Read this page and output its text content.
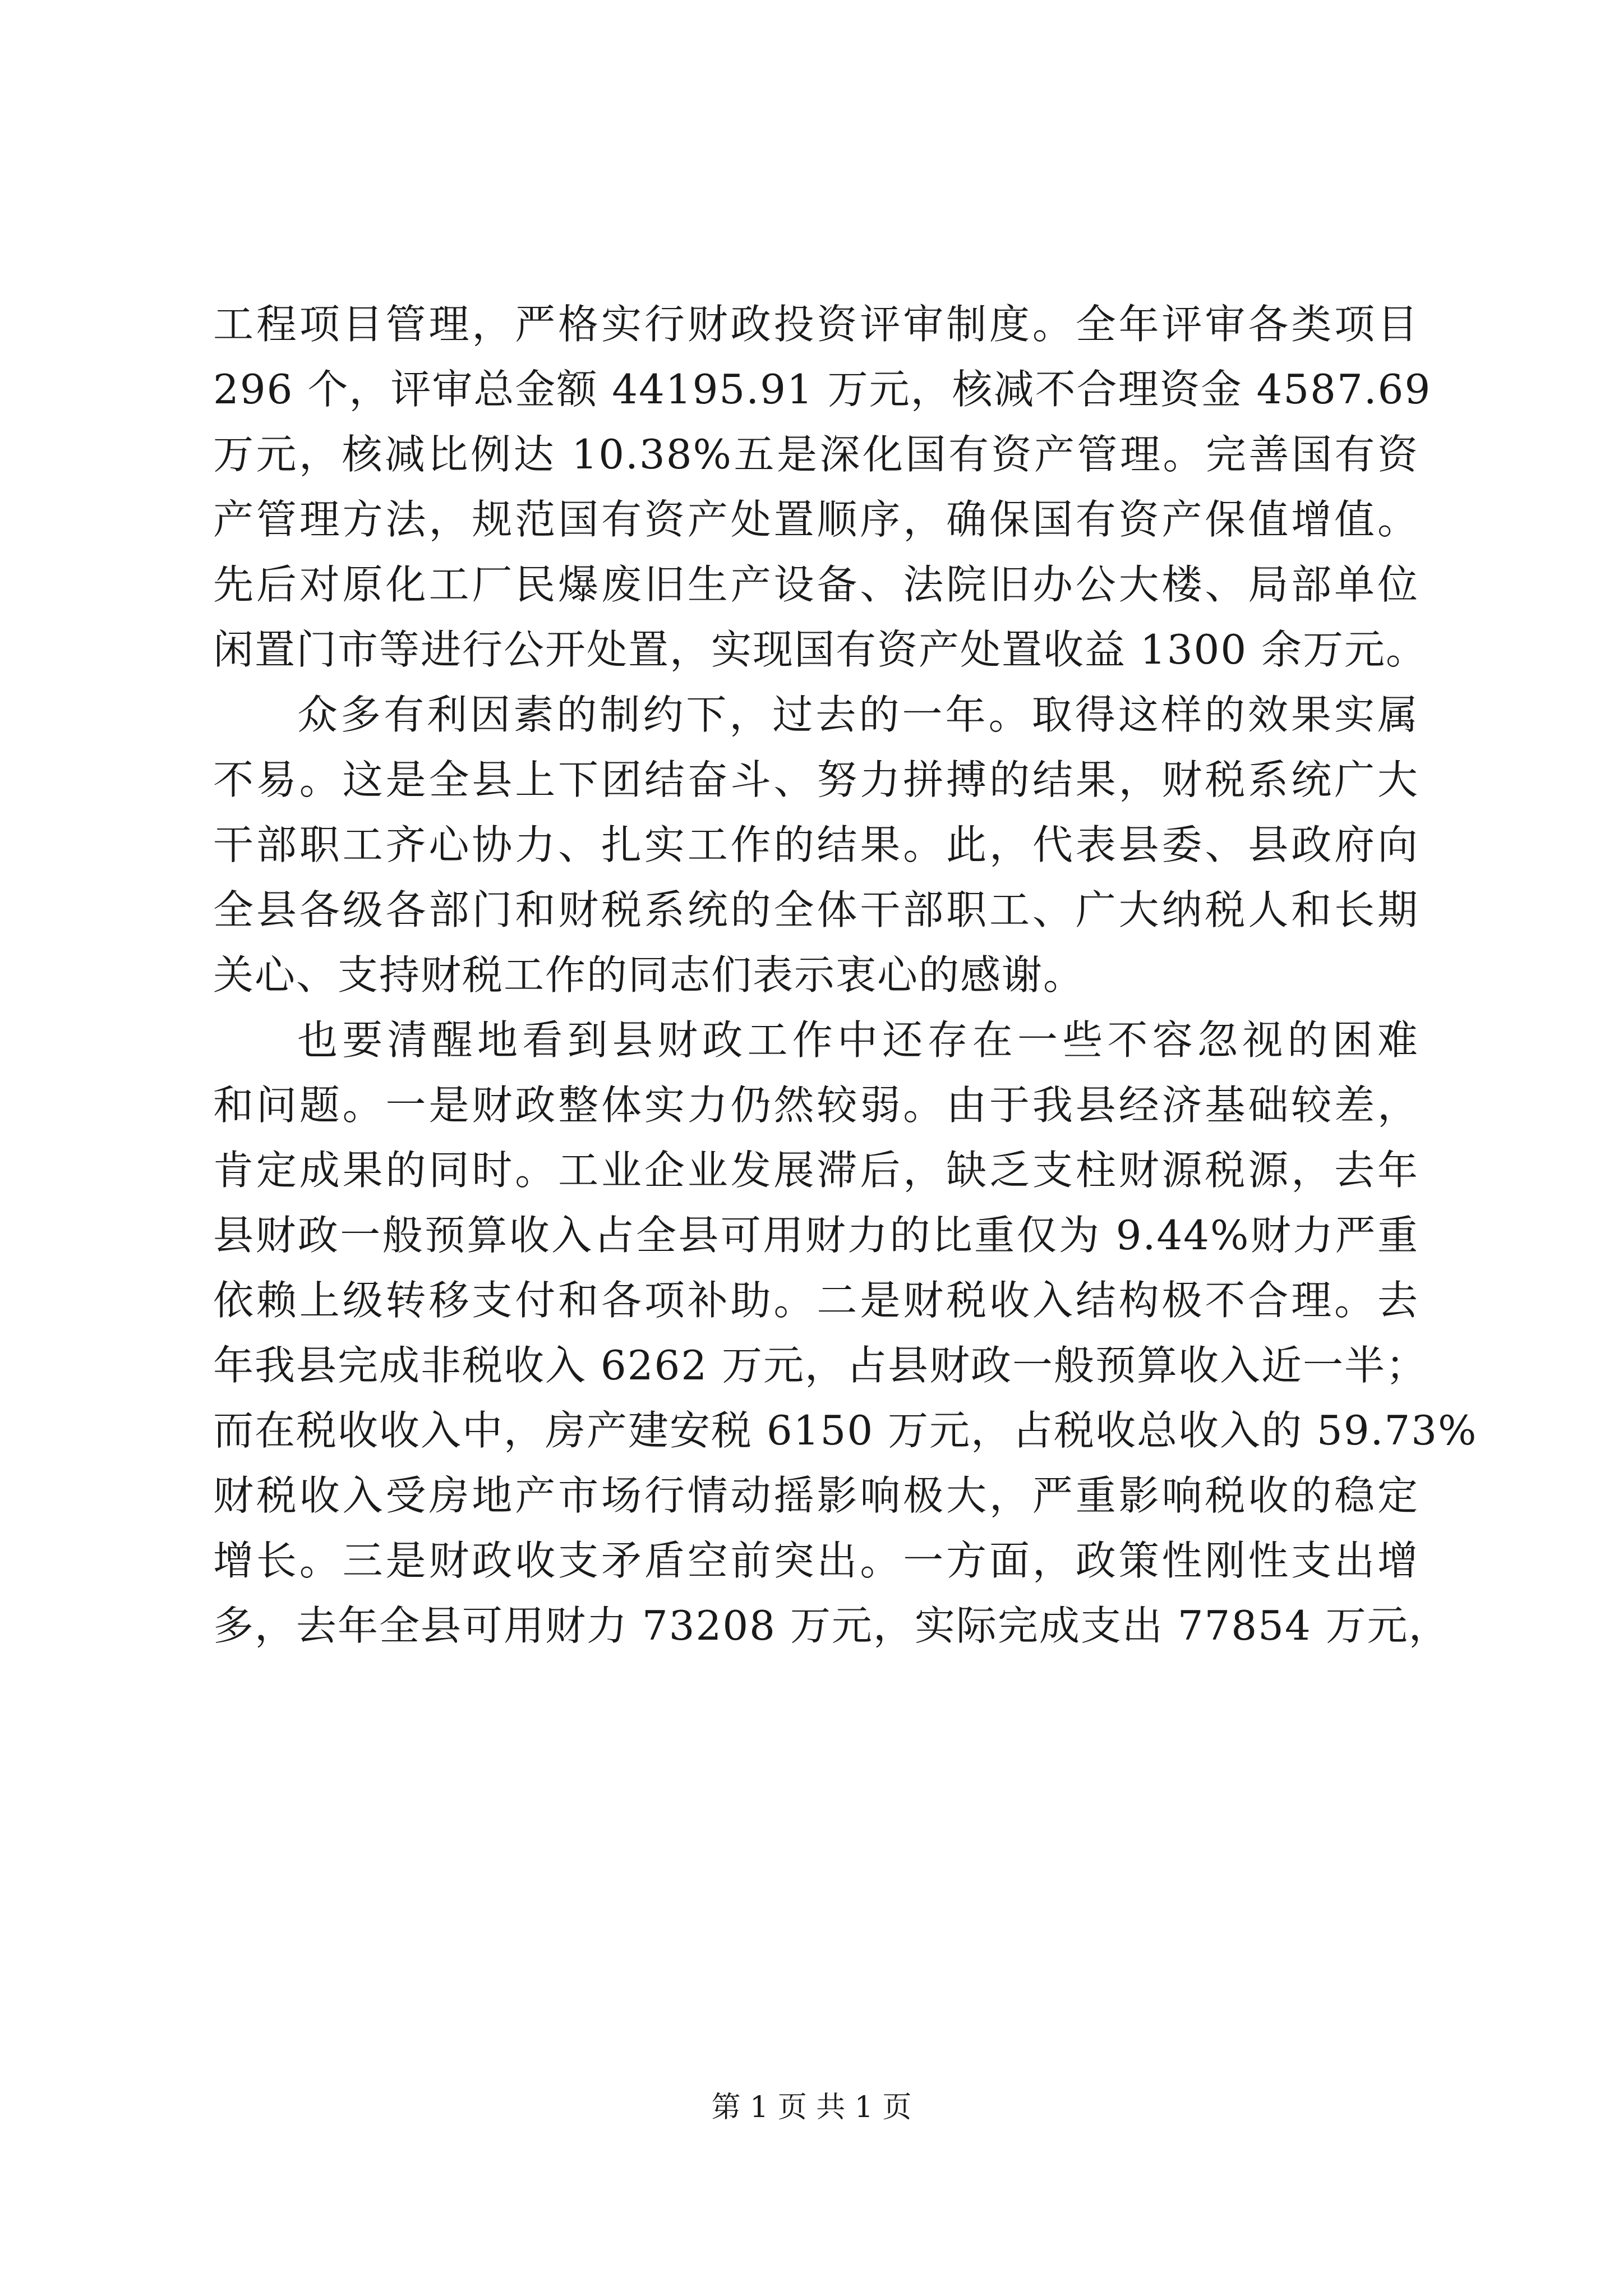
工程项目管理，严格实行财政投资评审制度。全年评审各类项目
296 个，评审总金额 44195.91 万元，核减不合理资金 4587.69
万元，核减比例达 10.38%五是深化国有资产管理。完善国有资
产管理方法，规范国有资产处置顺序，确保国有资产保值增值。
先后对原化工厂民爆废旧生产设备、法院旧办公大楼、局部单位
闲置门市等进行公开处置，实现国有资产处置收益 1300 余万元。
众多有利因素的制约下，过去的一年。取得这样的效果实属
不易。这是全县上下团结奋斗、努力拼搏的结果，财税系统广大
干部职工齐心协力、扎实工作的结果。此，代表县委、县政府向
全县各级各部门和财税系统的全体干部职工、广大纳税人和长期
关心、支持财税工作的同志们表示衷心的感谢。
也要清醒地看到县财政工作中还存在一些不容忽视的困难
和问题。一是财政整体实力仍然较弱。由于我县经济基础较差，
肯定成果的同时。工业企业发展滞后，缺乏支柱财源税源，去年
县财政一般预算收入占全县可用财力的比重仅为 9.44%财力严重
依赖上级转移支付和各项补助。二是财税收入结构极不合理。去
年我县完成非税收入 6262 万元，占县财政一般预算收入近一半；
而在税收收入中，房产建安税 6150 万元，占税收总收入的 59.73%
财税收入受房地产市场行情动摇影响极大，严重影响税收的稳定
增长。三是财政收支矛盾空前突出。一方面，政策性刚性支出增
多，去年全县可用财力 73208 万元，实际完成支出 77854 万元，
第 1 页 共 1 页
